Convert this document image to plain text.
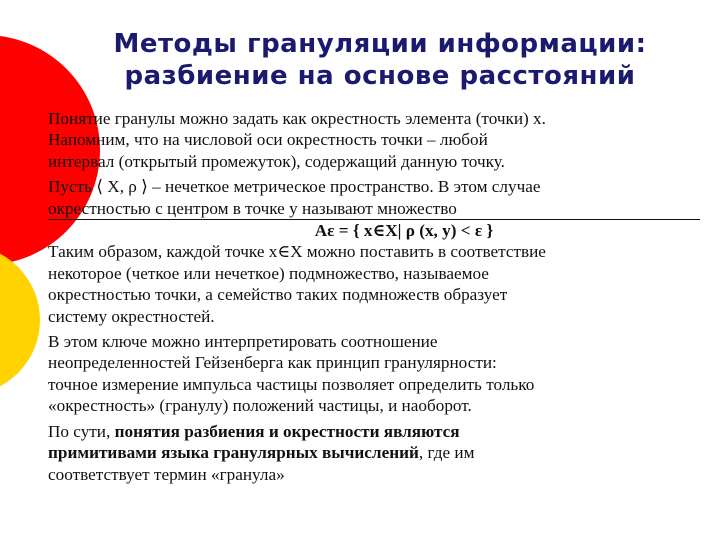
Методы грануляции информации:
разбиение на основе расстояний

Понятие гранулы можно задать как окрестность элемента (точки) x.

Напомним, что на числовой оси окрестность точки – любой

интервал (открытый промежуток), содержащий данную точку.

Пусть ⟨ X, ρ ⟩ – нечеткое метрическое пространство. В этом случае

окрестностью с центром в точке y называют множество

Aε = { x∈X| ρ (x, y) < ε }

Таким образом, каждой точке x∈X можно поставить в соответствие

некоторое (четкое или нечеткое) подмножество, называемое

окрестностью точки, а семейство таких подмножеств образует

систему окрестностей.

В этом ключе можно интерпретировать соотношение

неопределенностей Гейзенберга как принцип гранулярности:

точное измерение импульса частицы позволяет определить только

«окрестность» (гранулу) положений частицы, и наоборот.

По сути, понятия разбиения и окрестности являются

примитивами языка гранулярных вычислений, где им

соответствует термин «гранула»
